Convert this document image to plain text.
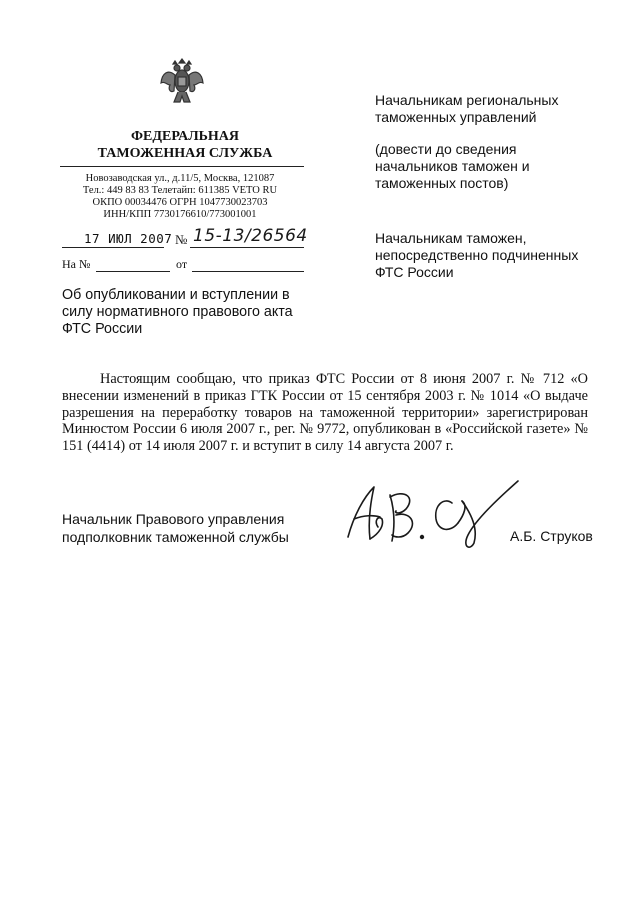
ФЕДЕРАЛЬНАЯ
ТАМОЖЕННАЯ СЛУЖБА
Новозаводская ул., д.11/5, Москва, 121087
Тел.: 449 83 83 Телетайп: 611385 VETO RU
ОКПО 00034476 ОГРН 1047730023703
ИНН/КПП 7730176610/773001001
17 ИЮЛ 2007 № 15-13/26564
На №	от
Начальникам региональных
таможенных управлений
(довести до сведения
начальников таможен и
таможенных постов)
Начальникам таможен,
непосредственно подчиненных
ФТС России
Об опубликовании и вступлении в
силу нормативного правового акта
ФТС России
Настоящим сообщаю, что приказ ФТС России от 8 июня 2007 г. № 712 «О внесении изменений в приказ ГТК России от 15 сентября 2003 г. № 1014 «О выдаче разрешения на переработку товаров на таможенной территории» зарегистрирован Минюстом России 6 июля 2007 г., рег. № 9772, опубликован в «Российской газете» № 151 (4414) от 14 июля 2007 г. и вступит в силу 14 августа 2007 г.
Начальник Правового управления
подполковник таможенной службы	А.Б. Струков
